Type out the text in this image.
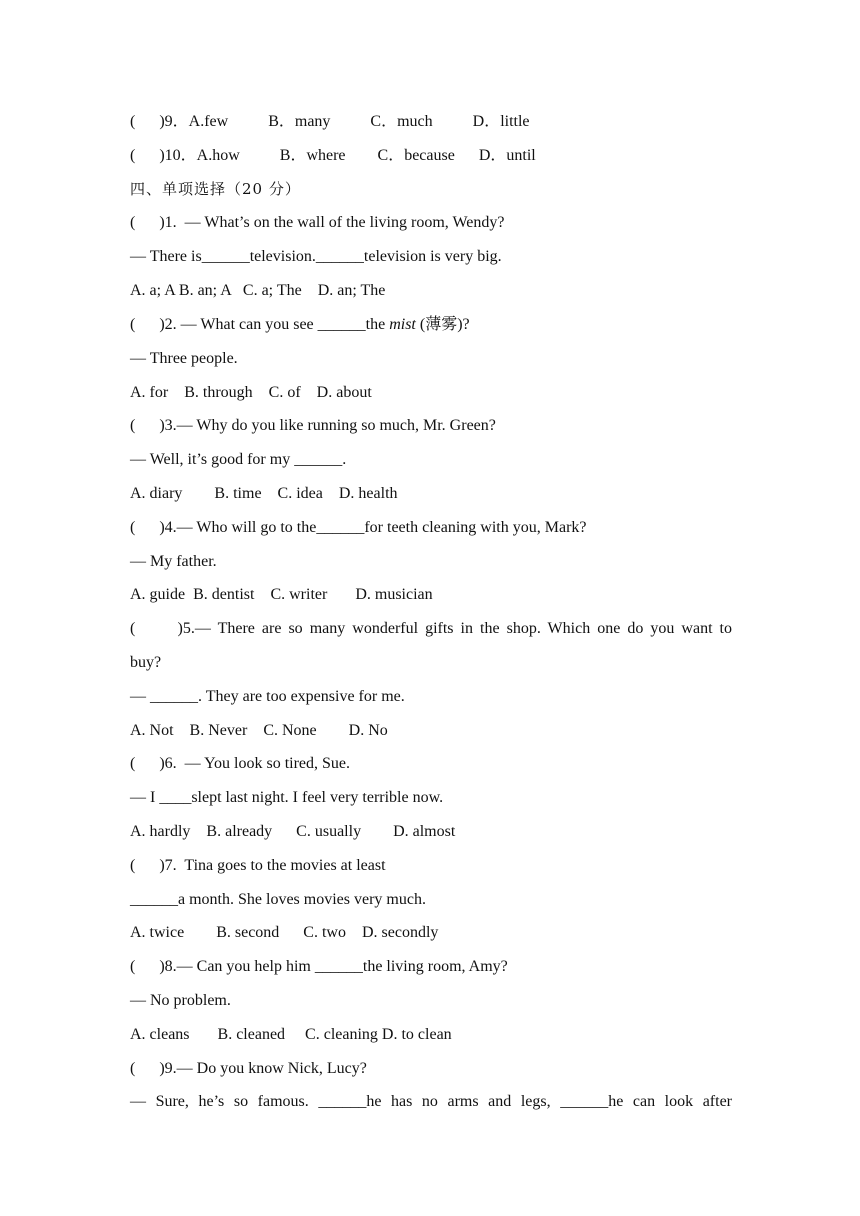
(      )9．A.few          B．many          C．much          D．little
(      )10．A.how          B．where        C．because      D．until
四、单项选择（20 分）
(      )1.  — What’s on the wall of the living room, Wendy?
— There is______television.______television is very big.
A. a; A B. an; A   C. a; The    D. an; The
(      )2. — What can you see ______the mist (薄雾)?
— Three people.
A. for    B. through    C. of    D. about
(      )3.— Why do you like running so much, Mr. Green?
— Well, it’s good for my ______.
A. diary        B. time    C. idea    D. health
(      )4.— Who will go to the______for teeth cleaning with you, Mark?
— My father.
A. guide  B. dentist    C. writer       D. musician
(      )5.— There are so many wonderful gifts in the shop. Which one do you want to
buy?
— ______. They are too expensive for me.
A. Not    B. Never    C. None        D. No
(      )6.  — You look so tired, Sue.
— I ____slept last night. I feel very terrible now.
A. hardly    B. already      C. usually        D. almost
(      )7.  Tina goes to the movies at least
______a month. She loves movies very much.
A. twice        B. second      C. two    D. secondly
(      )8.— Can you help him ______the living room, Amy?
— No problem.
A. cleans       B. cleaned     C. cleaning D. to clean
(      )9.— Do you know Nick, Lucy?
— Sure, he’s so famous. ______he has no arms and legs, ______he can look after
